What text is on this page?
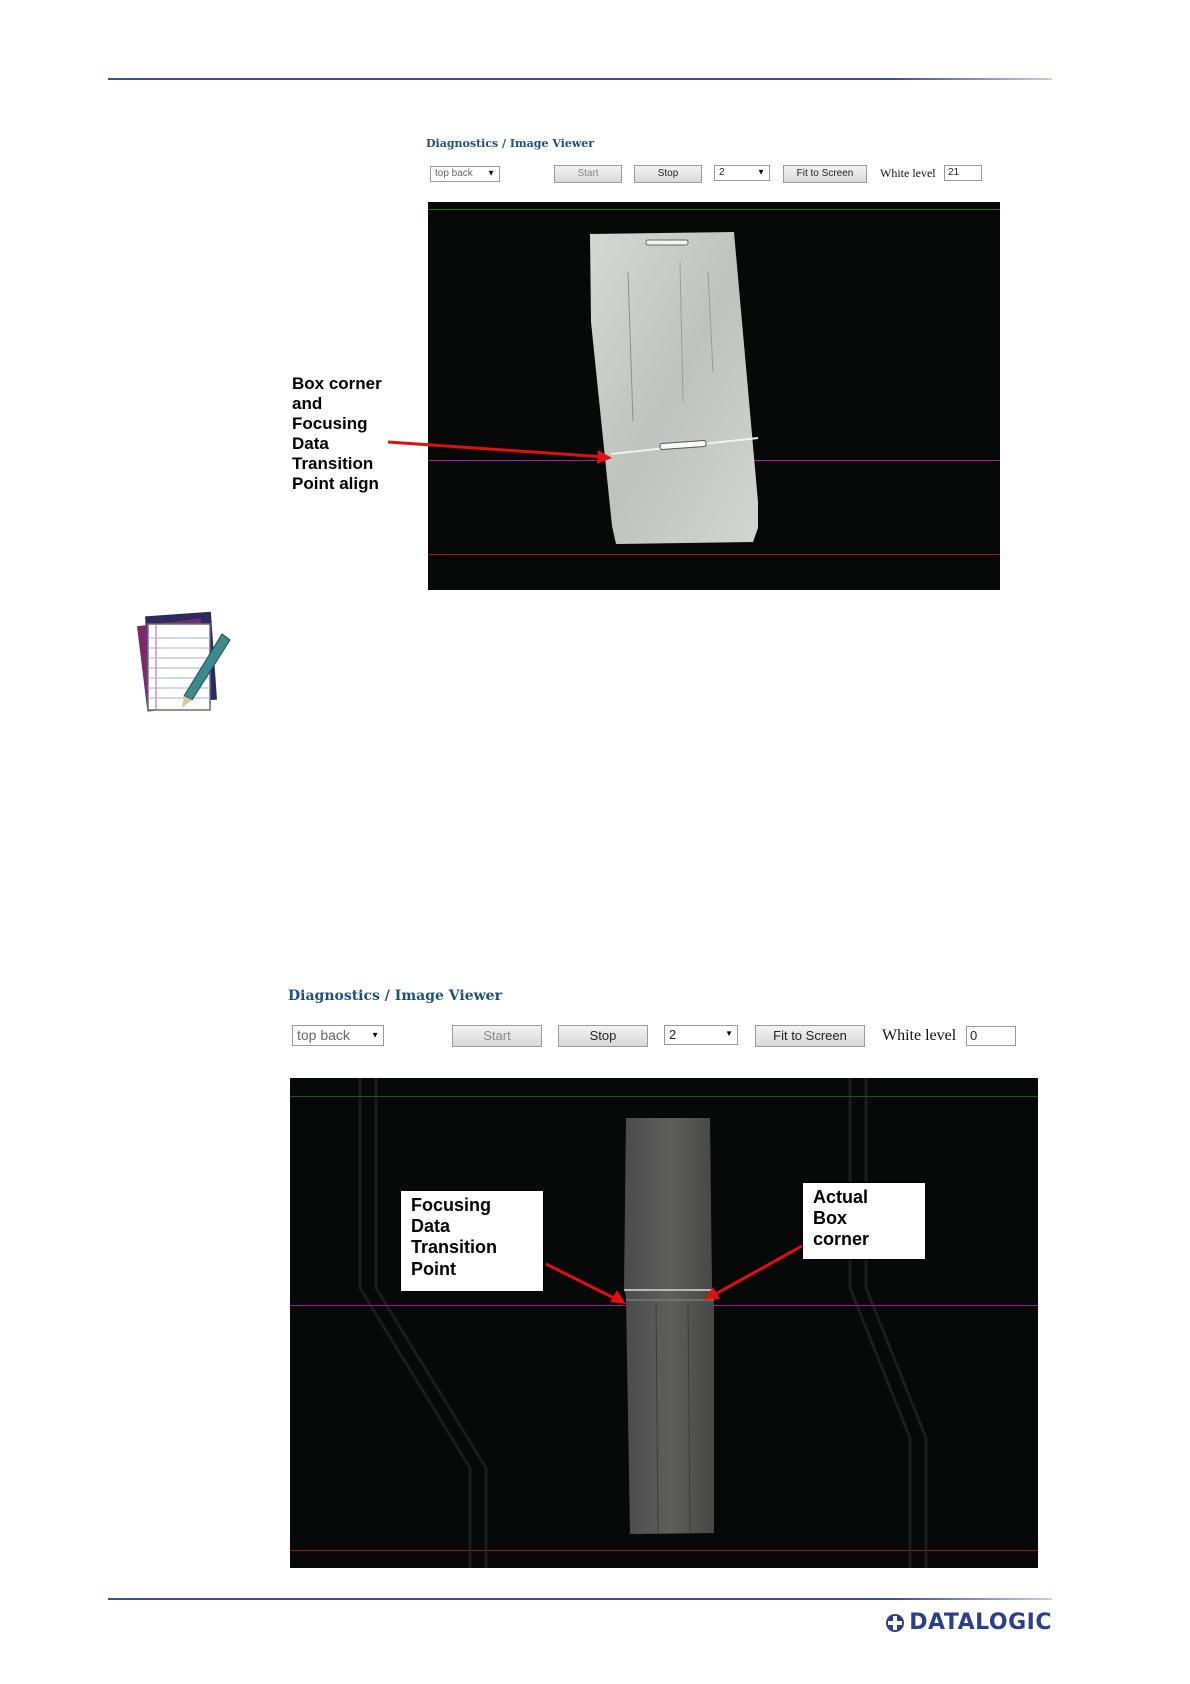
Diagnostics / Image Viewer
top back ▼	Start	Stop	2	▼	Fit to Screen	White level	21
Box corner
and
Focusing
Data
Transition
Point align
Diagnostics / Image Viewer
top back	▼	Start	Stop	2	▼	Fit to Screen	White level	0
Focusing
Data
Transition
Point
Actual
Box
corner
DATALOGIC
